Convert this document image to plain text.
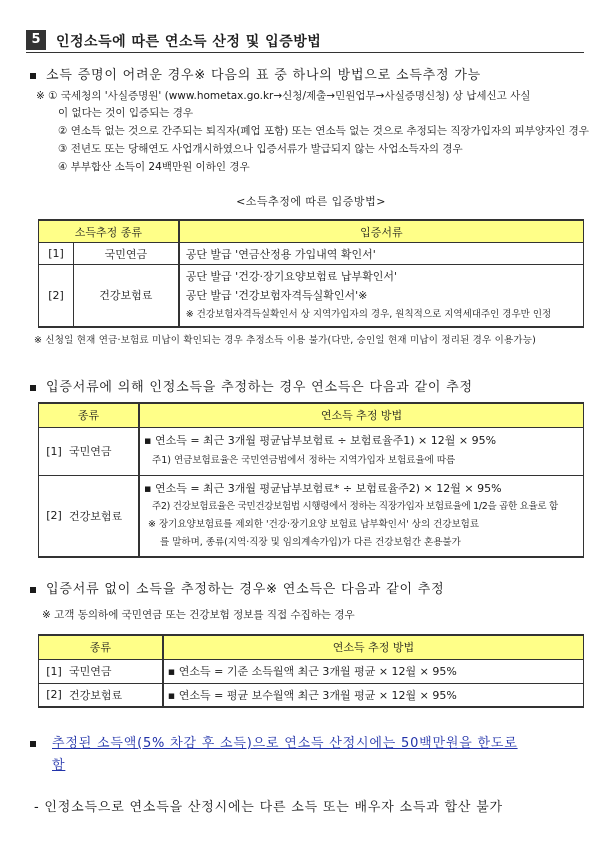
5	인정소득에 따른 연소득 산정 및 입증방법
소득 증명이 어려운 경우※ 다음의 표 중 하나의 방법으로 소득추정 가능
※ ① 국세청의 '사실증명원' (www.hometax.go.kr→신청/제출→민원업무→사실증명신청) 상 납세신고 사실
이 없다는 것이 입증되는 경우
② 연소득 없는 것으로 간주되는 퇴직자(폐업 포함) 또는 연소득 없는 것으로 추정되는 직장가입자의 피부양자인 경우
③ 전년도 또는 당해연도 사업개시하였으나 입증서류가 발급되지 않는 사업소득자의 경우
④ 부부합산 소득이 24백만원 이하인 경우
<소득추정에 따른 입증방법>
소득추정 종류		입증서류
[1]	국민연금	공단 발급 '연금산정용 가입내역 확인서'
[2]	건강보험료	공단 발급 '건강·장기요양보험료 납부확인서'
공단 발급 '건강보험자격득실확인서'※
※ 건강보험자격득실확인서 상 지역가입자의 경우, 원칙적으로 지역세대주인 경우만 인정
※ 신청일 현재 연금·보험료 미납이 확인되는 경우 추정소득 이용 불가(다만, 승인일 현재 미납이 정리된 경우 이용가능)
입증서류에 의해 인정소득을 추정하는 경우 연소득은 다음과 같이 추정
종류		연소득 추정 방법
[1]	국민연금	▪ 연소득 = 최근 3개월 평균납부보험료 ÷ 보험료율주1) × 12월 × 95%
주1) 연금보험료율은 국민연금법에서 정하는 지역가입자 보험료율에 따름

[2]	건강보험료	▪ 연소득 = 최근 3개월 평균납부보험료* ÷ 보험료율주2) × 12월 × 95%
주2) 건강보험료율은 국민건강보험법 시행령에서 정하는 직장가입자 보험료율에 1/2을 곱한 요율로 함
※ 장기요양보험료를 제외한 '건강·장기요양 보험료 납부확인서' 상의 건강보험료
를 말하며, 종류(지역·직장 및 임의계속가입)가 다른 건강보험간 혼용불가
입증서류 없이 소득을 추정하는 경우※ 연소득은 다음과 같이 추정
※ 고객 동의하에 국민연금 또는 건강보험 정보를 직접 수집하는 경우
종류		연소득 추정 방법
[1]	국민연금	▪ 연소득 = 기준 소득월액 최근 3개월 평균 × 12월 × 95%
[2]	건강보험료	▪ 연소득 = 평균 보수월액 최근 3개월 평균 × 12월 × 95%
추정된 소득액(5% 차감 후 소득)으로 연소득 산정시에는 50백만원을 한도로
함
- 인정소득으로 연소득을 산정시에는 다른 소득 또는 배우자 소득과 합산 불가
